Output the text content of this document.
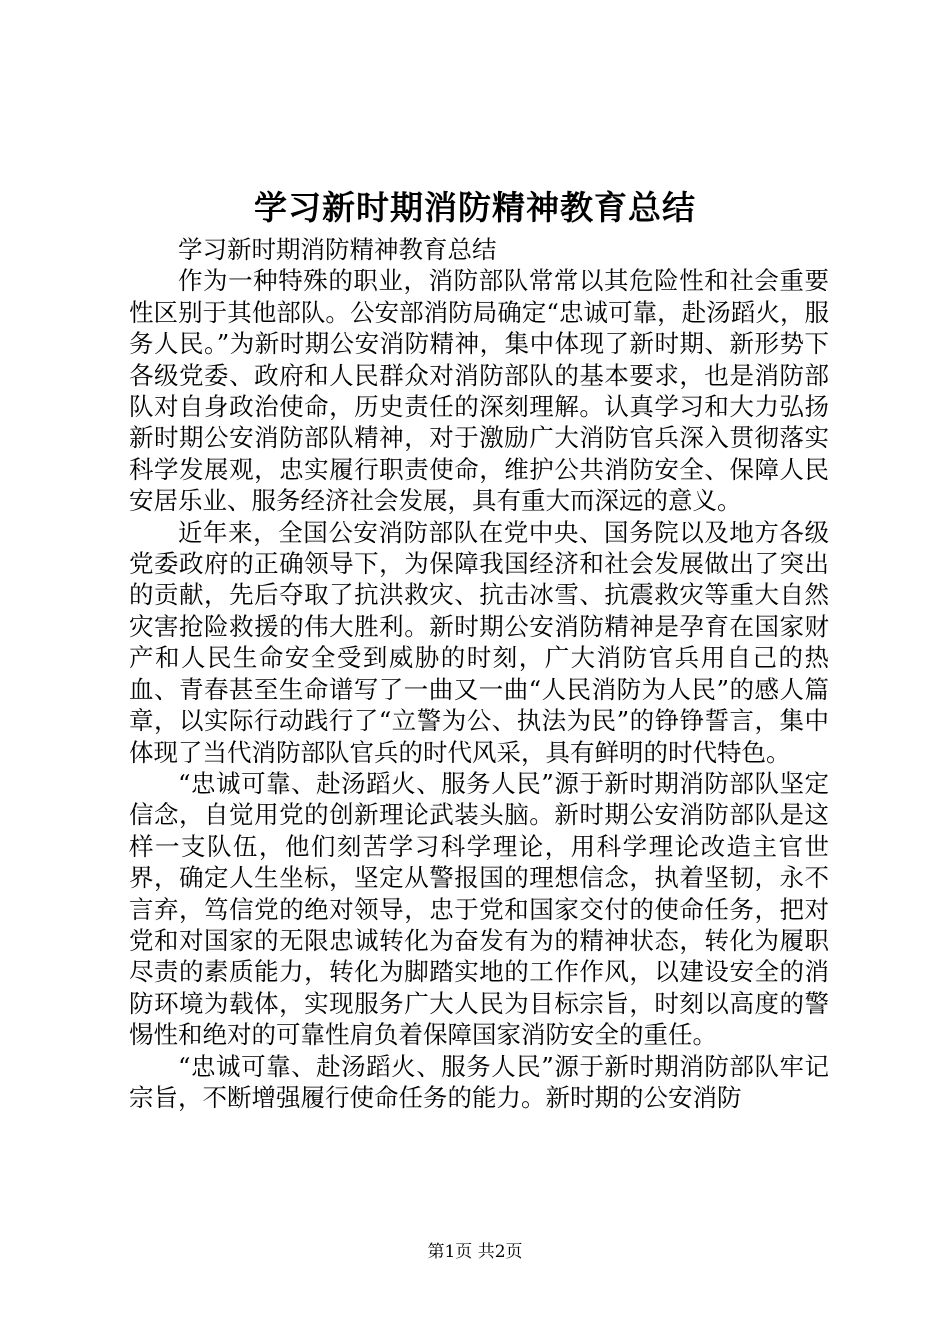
学习新时期消防精神教育总结

学习新时期消防精神教育总结

作为一种特殊的职业，消防部队常常以其危险性和社会重要性区别于其他部队。公安部消防局确定“忠诚可靠，赴汤蹈火，服务人民。”为新时期公安消防精神，集中体现了新时期、新形势下各级党委、政府和人民群众对消防部队的基本要求，也是消防部队对自身政治使命，历史责任的深刻理解。认真学习和大力弘扬新时期公安消防部队精神，对于激励广大消防官兵深入贯彻落实科学发展观，忠实履行职责使命，维护公共消防安全、保障人民安居乐业、服务经济社会发展，具有重大而深远的意义。

近年来，全国公安消防部队在党中央、国务院以及地方各级党委政府的正确领导下，为保障我国经济和社会发展做出了突出的贡献，先后夺取了抗洪救灾、抗击冰雪、抗震救灾等重大自然灾害抢险救援的伟大胜利。新时期公安消防精神是孕育在国家财产和人民生命安全受到威胁的时刻，广大消防官兵用自己的热血、青春甚至生命谱写了一曲又一曲“人民消防为人民”的感人篇章，以实际行动践行了“立警为公、执法为民”的铮铮誓言，集中体现了当代消防部队官兵的时代风采，具有鲜明的时代特色。

“忠诚可靠、赴汤蹈火、服务人民”源于新时期消防部队坚定信念，自觉用党的创新理论武装头脑。新时期公安消防部队是这样一支队伍，他们刻苦学习科学理论，用科学理论改造主官世界，确定人生坐标，坚定从警报国的理想信念，执着坚韧，永不言弃，笃信党的绝对领导，忠于党和国家交付的使命任务，把对党和对国家的无限忠诚转化为奋发有为的精神状态，转化为履职尽责的素质能力，转化为脚踏实地的工作作风，以建设安全的消防环境为载体，实现服务广大人民为目标宗旨，时刻以高度的警惕性和绝对的可靠性肩负着保障国家消防安全的重任。

“忠诚可靠、赴汤蹈火、服务人民”源于新时期消防部队牢记宗旨，不断增强履行使命任务的能力。新时期的公安消防

第1页 共2页
